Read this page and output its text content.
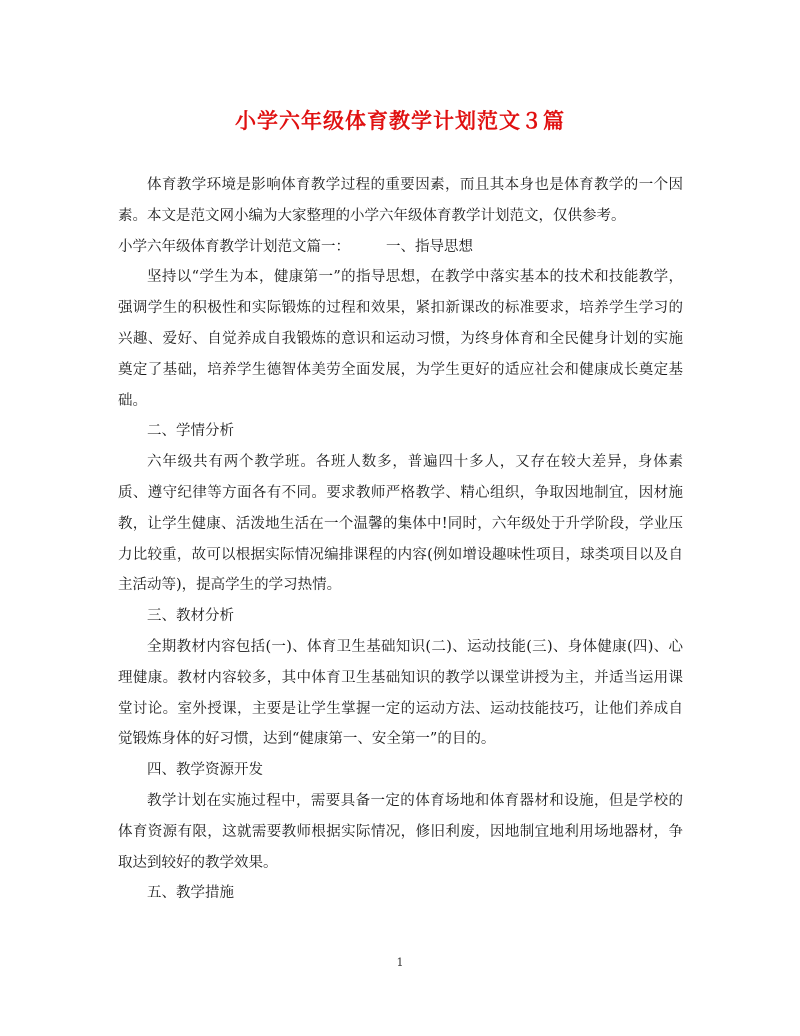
小学六年级体育教学计划范文３篇

体育教学环境是影响体育教学过程的重要因素，而且其本身也是体育教学的一个因素。本文是范文网小编为大家整理的小学六年级体育教学计划范文，仅供参考。

小学六年级体育教学计划范文篇一： 一、指导思想

坚持以“学生为本，健康第一”的指导思想，在教学中落实基本的技术和技能教学，强调学生的积极性和实际锻炼的过程和效果，紧扣新课改的标准要求，培养学生学习的兴趣、爱好、自觉养成自我锻炼的意识和运动习惯，为终身体育和全民健身计划的实施奠定了基础，培养学生德智体美劳全面发展，为学生更好的适应社会和健康成长奠定基础。

二、学情分析

六年级共有两个教学班。各班人数多，普遍四十多人，又存在较大差异，身体素质、遵守纪律等方面各有不同。要求教师严格教学、精心组织，争取因地制宜，因材施教，让学生健康、活泼地生活在一个温馨的集体中!同时，六年级处于升学阶段，学业压力比较重，故可以根据实际情况编排课程的内容(例如增设趣味性项目，球类项目以及自主活动等)，提高学生的学习热情。

三、教材分析

全期教材内容包括(一)、体育卫生基础知识(二)、运动技能(三)、身体健康(四)、心理健康。教材内容较多，其中体育卫生基础知识的教学以课堂讲授为主，并适当运用课堂讨论。室外授课，主要是让学生掌握一定的运动方法、运动技能技巧，让他们养成自觉锻炼身体的好习惯，达到“健康第一、安全第一”的目的。

四、教学资源开发

教学计划在实施过程中，需要具备一定的体育场地和体育器材和设施，但是学校的体育资源有限，这就需要教师根据实际情况，修旧利废，因地制宜地利用场地器材，争取达到较好的教学效果。

五、教学措施

1
